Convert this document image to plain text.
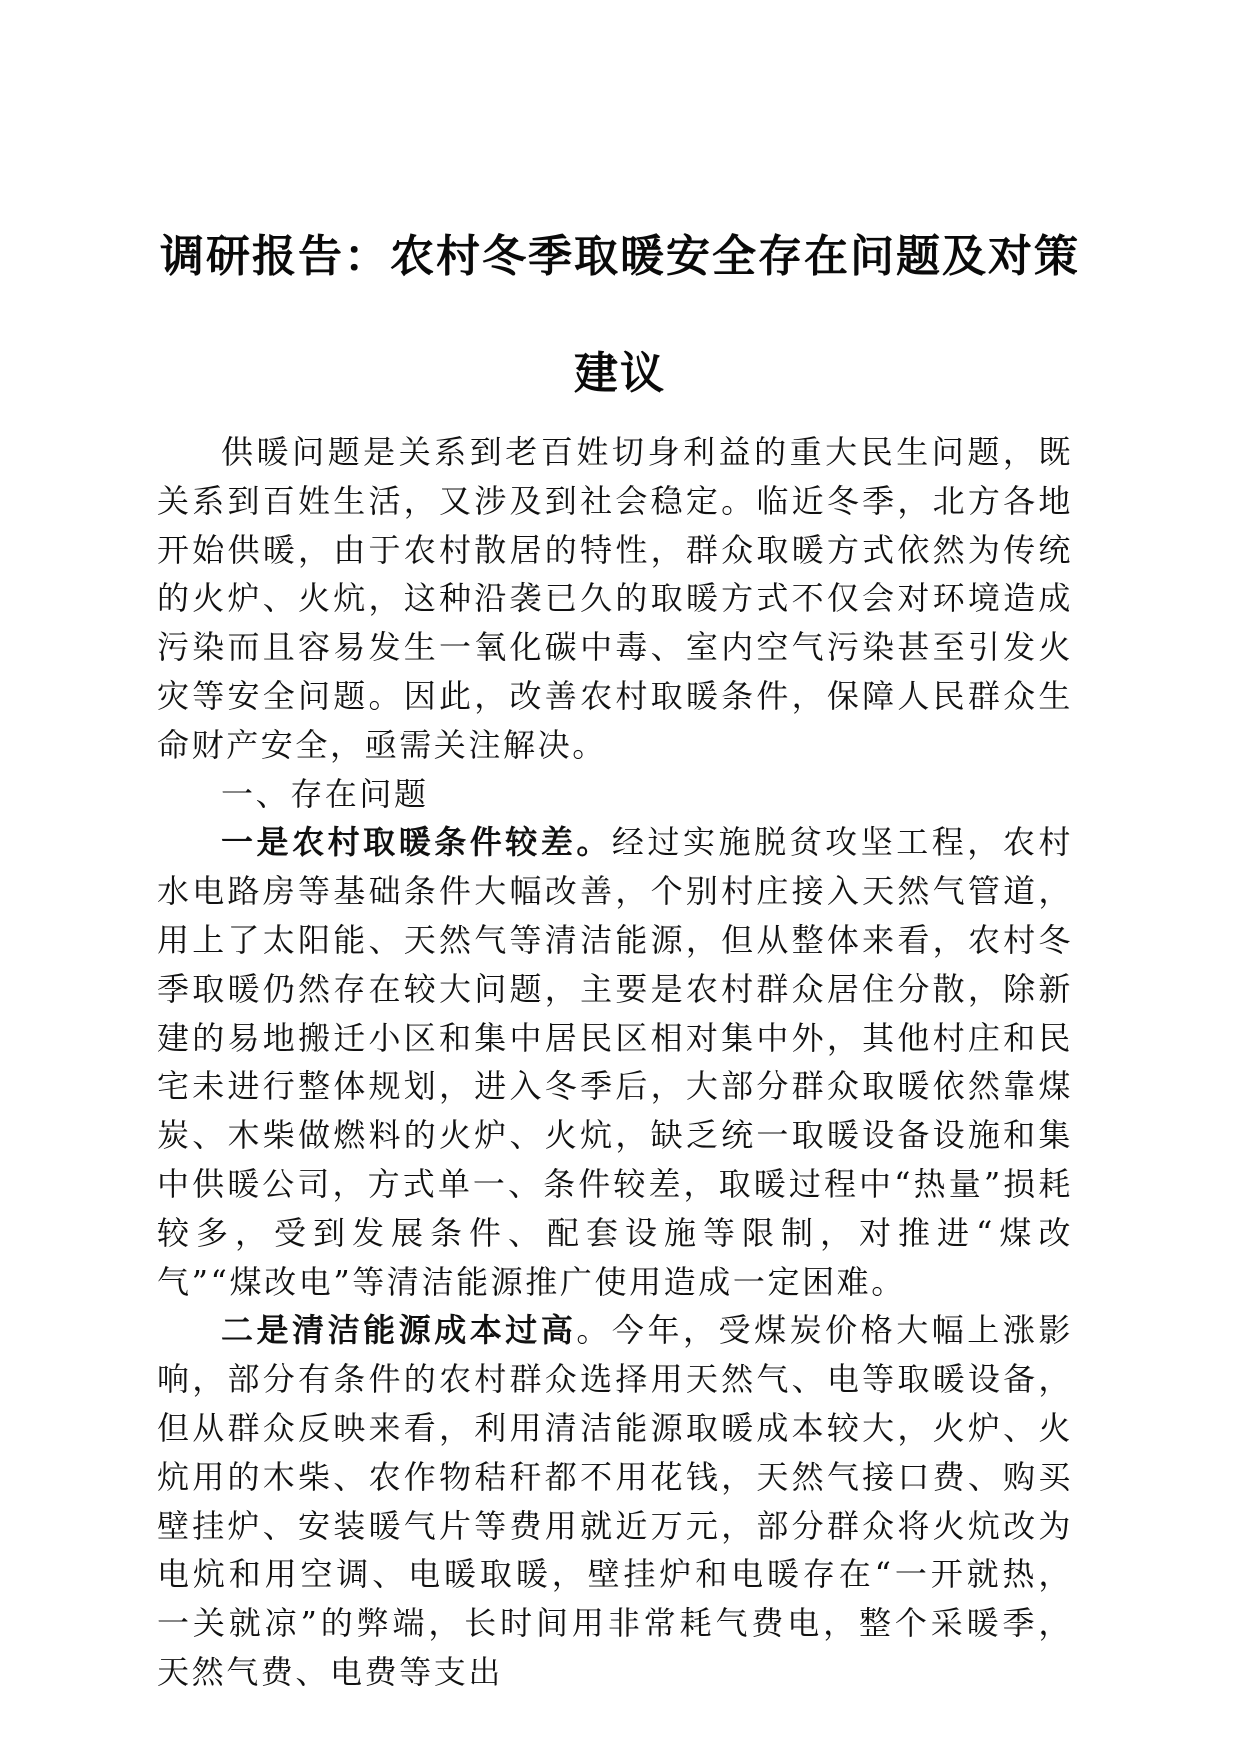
调研报告：农村冬季取暖安全存在问题及对策
建议

供暖问题是关系到老百姓切身利益的重大民生问题，既关系到百姓生活，又涉及到社会稳定。临近冬季，北方各地开始供暖，由于农村散居的特性，群众取暖方式依然为传统的火炉、火炕，这种沿袭已久的取暖方式不仅会对环境造成污染而且容易发生一氧化碳中毒、室内空气污染甚至引发火灾等安全问题。因此，改善农村取暖条件，保障人民群众生命财产安全，亟需关注解决。

一、存在问题

一是农村取暖条件较差。经过实施脱贫攻坚工程，农村水电路房等基础条件大幅改善，个别村庄接入天然气管道，用上了太阳能、天然气等清洁能源，但从整体来看，农村冬季取暖仍然存在较大问题，主要是农村群众居住分散，除新建的易地搬迁小区和集中居民区相对集中外，其他村庄和民宅未进行整体规划，进入冬季后，大部分群众取暖依然靠煤炭、木柴做燃料的火炉、火炕，缺乏统一取暖设备设施和集中供暖公司，方式单一、条件较差，取暖过程中“热量”损耗较多，受到发展条件、配套设施等限制，对推进“煤改气”“煤改电”等清洁能源推广使用造成一定困难。

二是清洁能源成本过高。今年，受煤炭价格大幅上涨影响，部分有条件的农村群众选择用天然气、电等取暖设备，但从群众反映来看，利用清洁能源取暖成本较大，火炉、火炕用的木柴、农作物秸秆都不用花钱，天然气接口费、购买壁挂炉、安装暖气片等费用就近万元，部分群众将火炕改为电炕和用空调、电暖取暖，壁挂炉和电暖存在“一开就热，一关就凉”的弊端，长时间用非常耗气费电，整个采暖季，天然气费、电费等支出
